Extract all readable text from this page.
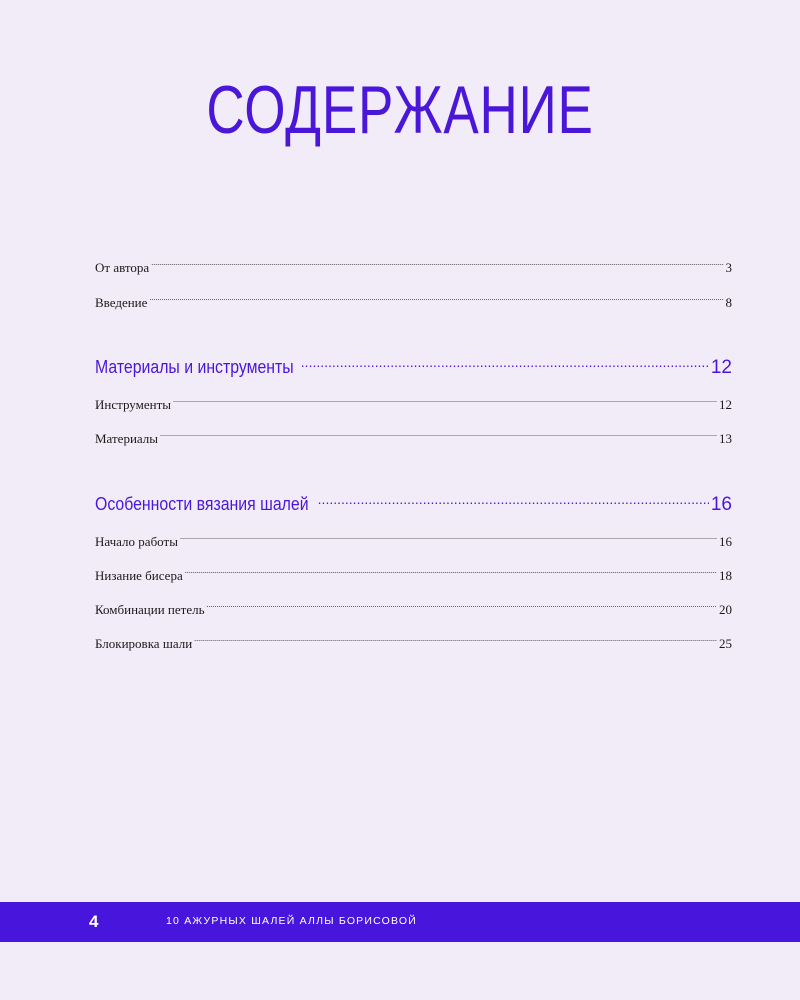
СОДЕРЖАНИЕ
От автора .....	3
Введение .....	8
Материалы и инструменты .....	12
Инструменты .....	12
Материалы .....	13
Особенности вязания шалей .....	16
Начало работы .....	16
Низание бисера .....	18
Комбинации петель .....	20
Блокировка шали .....	25
4	10 АЖУРНЫХ ШАЛЕЙ АЛЛЫ БОРИСОВОЙ
